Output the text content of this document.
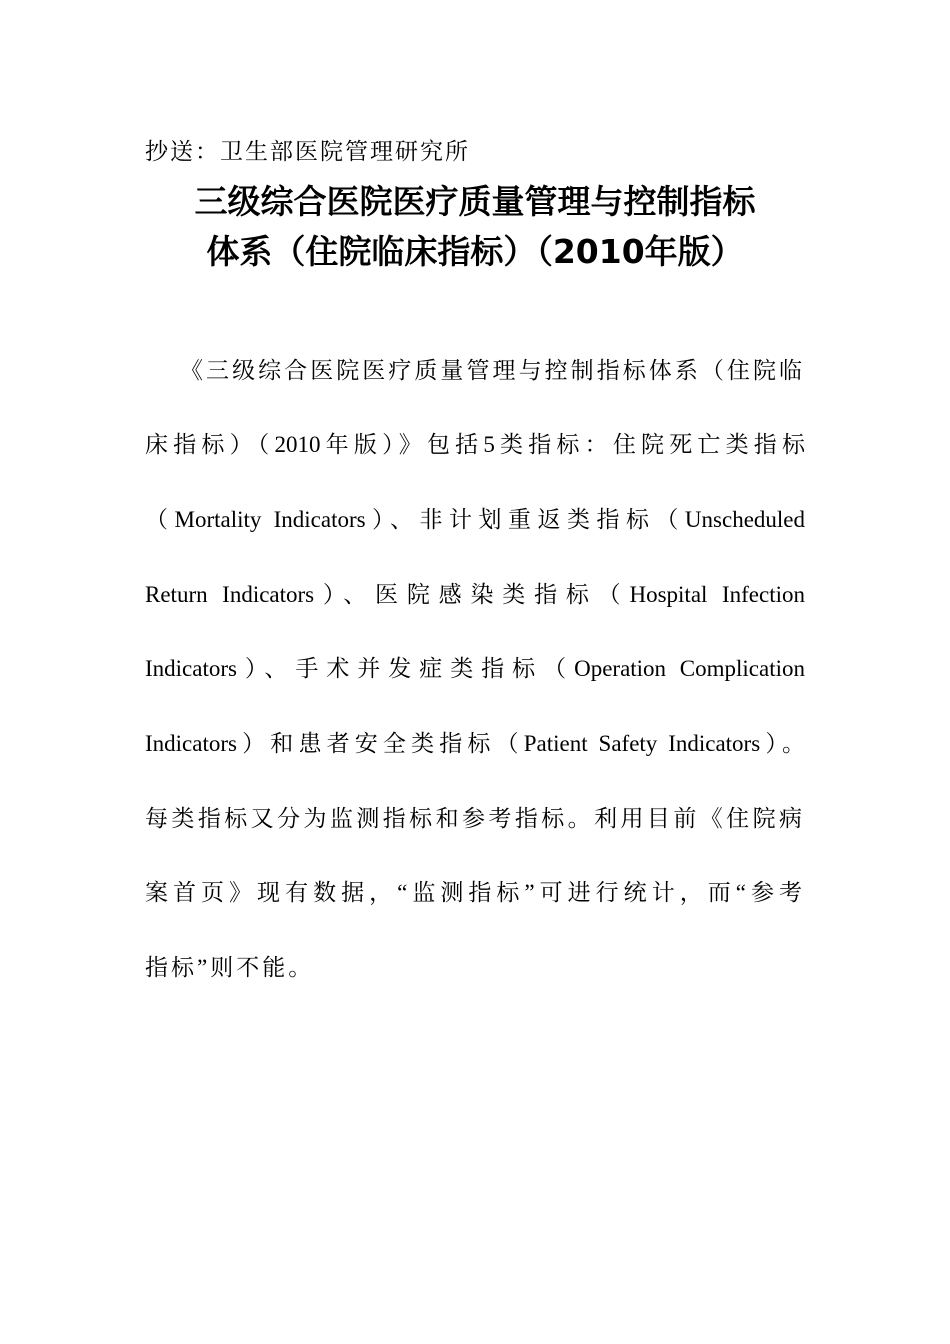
抄送：卫生部医院管理研究所
三级综合医院医疗质量管理与控制指标
体系（住院临床指标）（2010年版）
《三级综合医院医疗质量管理与控制指标体系（住院临
床指标）（2010年版）》包括5类指标：住院死亡类指标
（Mortality Indicators）、非计划重返类指标（Unscheduled
Return Indicators）、医院感染类指标（Hospital Infection
Indicators）、手术并发症类指标（Operation Complication
Indicators）和患者安全类指标（Patient Safety Indicators）。
每类指标又分为监测指标和参考指标。利用目前《住院病
案首页》现有数据，“监测指标”可进行统计，而“参考
指标”则不能。
